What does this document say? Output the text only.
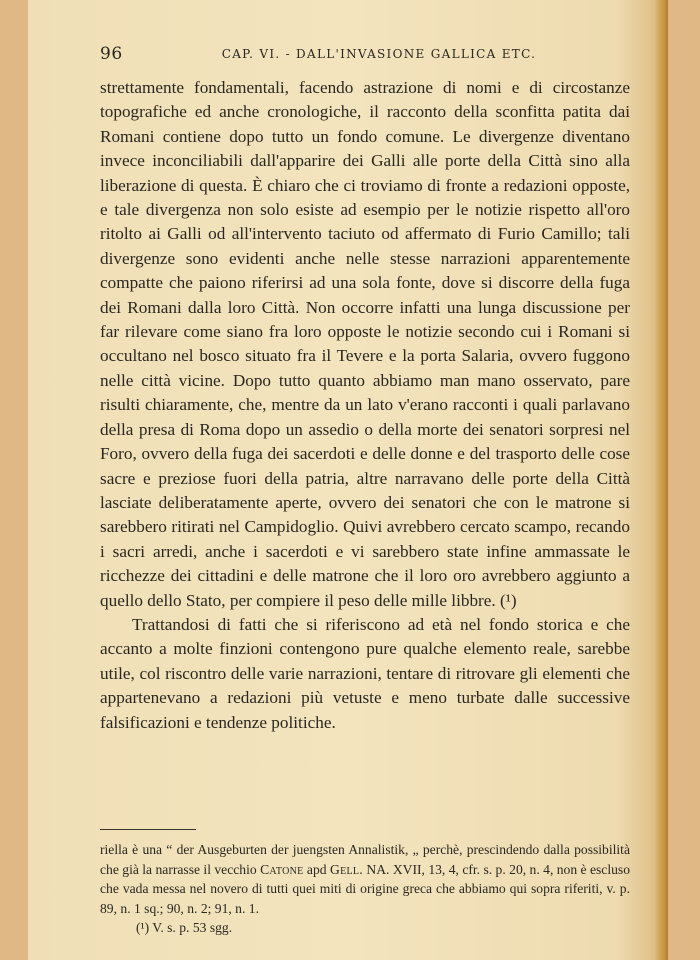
96	CAP. VI. - DALL'INVASIONE GALLICA ETC.

strettamente fondamentali, facendo astrazione di nomi e di circostanze topografiche ed anche cronologiche, il racconto della sconfitta patita dai Romani contiene dopo tutto un fondo comune. Le divergenze diventano invece inconciliabili dall'apparire dei Galli alle porte della Città sino alla liberazione di questa. È chiaro che ci troviamo di fronte a redazioni opposte, e tale divergenza non solo esiste ad esempio per le notizie rispetto all'oro ritolto ai Galli od all'intervento taciuto od affermato di Furio Camillo; tali divergenze sono evidenti anche nelle stesse narrazioni apparentemente compatte che paiono riferirsi ad una sola fonte, dove si discorre della fuga dei Romani dalla loro Città. Non occorre infatti una lunga discussione per far rilevare come siano fra loro opposte le notizie secondo cui i Romani si occultano nel bosco situato fra il Tevere e la porta Salaria, ovvero fuggono nelle città vicine. Dopo tutto quanto abbiamo man mano osservato, pare risulti chiaramente, che, mentre da un lato v'erano racconti i quali parlavano della presa di Roma dopo un assedio o della morte dei senatori sorpresi nel Foro, ovvero della fuga dei sacerdoti e delle donne e del trasporto delle cose sacre e preziose fuori della patria, altre narravano delle porte della Città lasciate deliberatamente aperte, ovvero dei senatori che con le matrone si sarebbero ritirati nel Campidoglio. Quivi avrebbero cercato scampo, recando i sacri arredi, anche i sacerdoti e vi sarebbero state infine ammassate le ricchezze dei cittadini e delle matrone che il loro oro avrebbero aggiunto a quello dello Stato, per compiere il peso delle mille libbre. (¹)

Trattandosi di fatti che si riferiscono ad età nel fondo storica e che accanto a molte finzioni contengono pure qualche elemento reale, sarebbe utile, col riscontro delle varie narrazioni, tentare di ritrovare gli elementi che appartenevano a redazioni più vetuste e meno turbate dalle successive falsificazioni e tendenze politiche.

riella è una “ der Ausgeburten der juengsten Annalistik, „ perchè, prescindendo dalla possibilità che già la narrasse il vecchio Catone apd Gell. NA. XVII, 13, 4, cfr. s. p. 20, n. 4, non è escluso che vada messa nel novero di tutti quei miti di origine greca che abbiamo qui sopra riferiti, v. p. 89, n. 1 sq.; 90, n. 2; 91, n. 1.

(¹) V. s. p. 53 sgg.
